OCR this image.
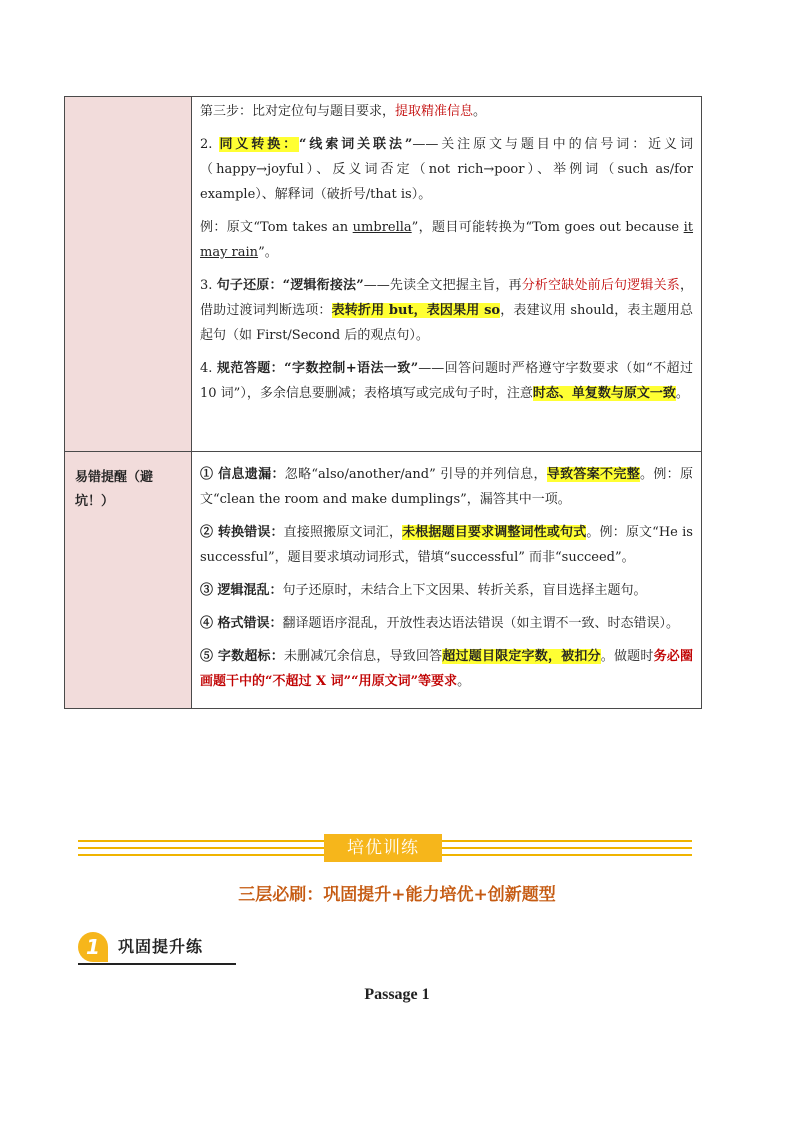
	第三步：比对定位句与题目要求，提取精准信息。

2. 同义转换：“线索词关联法”——关注原文与题目中的信号词：近义词（happy→joyful）、反义词否定（not rich→poor）、举例词（such as/for example）、解释词（破折号/that is）。

例：原文“Tom takes an umbrella”，题目可能转换为“Tom goes out because it may rain”。

3. 句子还原：“逻辑衔接法”——先读全文把握主旨，再分析空缺处前后句逻辑关系，借助过渡词判断选项：表转折用 but，表因果用 so，表建议用 should，表主题用总起句（如 First/Second 后的观点句）。

4. 规范答题：“字数控制+语法一致”——回答问题时严格遵守字数要求（如“不超过 10 词”），多余信息要删减；表格填写或完成句子时，注意时态、单复数与原文一致。

易错提醒（避坑！）	① 信息遗漏：忽略“also/another/and” 引导的并列信息，导致答案不完整。例：原文“clean the room and make dumplings”，漏答其中一项。

② 转换错误：直接照搬原文词汇，未根据题目要求调整词性或句式。例：原文“He is successful”，题目要求填动词形式，错填“successful” 而非“succeed”。

③ 逻辑混乱：句子还原时，未结合上下文因果、转折关系，盲目选择主题句。

④ 格式错误：翻译题语序混乱，开放性表达语法错误（如主谓不一致、时态错误）。

⑤ 字数超标：未删减冗余信息，导致回答超过题目限定字数，被扣分。做题时务必圈画题干中的“不超过 X 词”“用原文词”等要求。

培优训练
三层必刷：巩固提升+能力培优+创新题型
1	巩固提升练
Passage 1
